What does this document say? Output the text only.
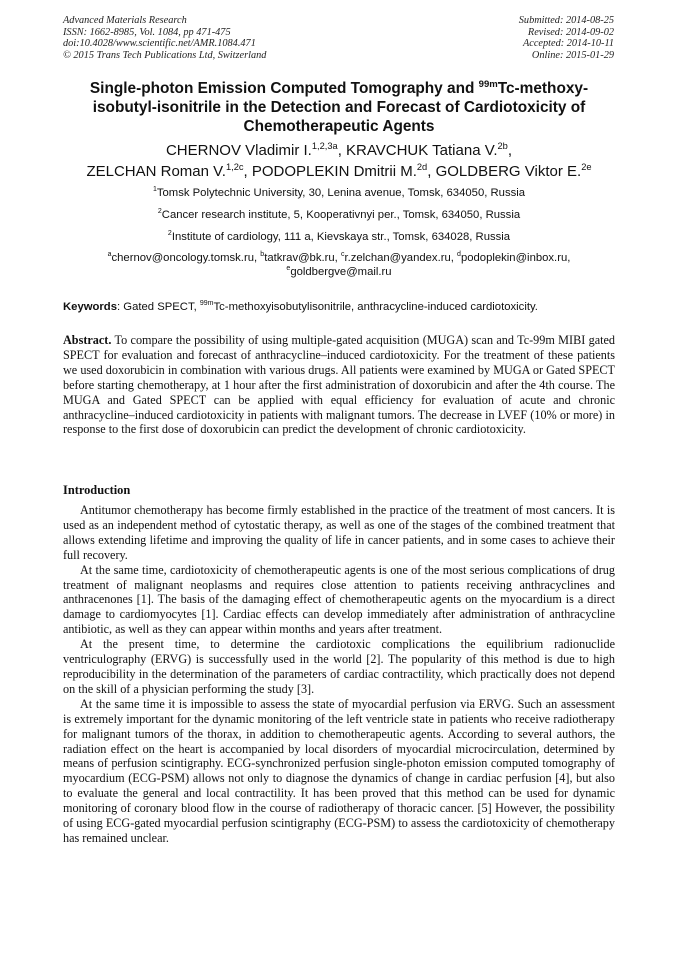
Advanced Materials Research
ISSN: 1662-8985, Vol. 1084, pp 471-475
doi:10.4028/www.scientific.net/AMR.1084.471
© 2015 Trans Tech Publications Ltd, Switzerland
Submitted: 2014-08-25
Revised: 2014-09-02
Accepted: 2014-10-11
Online: 2015-01-29
Single-photon Emission Computed Tomography and $^{99m}$Tc-methoxy-isobutyl-isonitrile in the Detection and Forecast of Cardiotoxicity of Chemotherapeutic Agents
CHERNOV Vladimir I.$^{1,2,3a}$, KRAVCHUK Tatiana V.$^{2b}$,
ZELCHAN Roman V.$^{1,2c}$, PODOPLEKIN Dmitrii M.$^{2d}$, GOLDBERG Viktor E.$^{2e}$
$^1$Tomsk Polytechnic University, 30, Lenina avenue, Tomsk, 634050, Russia
$^2$Cancer research institute, 5, Kooperativnyi per., Tomsk, 634050, Russia
$^2$Institute of cardiology, 111 a, Kievskaya str., Tomsk, 634028, Russia
$^a$chernov@oncology.tomsk.ru, $^b$tatkrav@bk.ru, $^c$r.zelchan@yandex.ru, $^d$podoplekin@inbox.ru,
$^e$goldbergve@mail.ru
Keywords: Gated SPECT, $^{99m}$Tc-methoxyisobutylisonitrile, anthracycline-induced cardiotoxicity.

Abstract. To compare the possibility of using multiple-gated acquisition (MUGA) scan and Tc-99m MIBI gated SPECT for evaluation and forecast of anthracycline–induced cardiotoxicity. For the treatment of these patients we used doxorubicin in combination with various drugs. All patients were examined by MUGA or Gated SPECT before starting chemotherapy, at 1 hour after the first administration of doxorubicin and after the 4th course. The MUGA and Gated SPECT can be applied with equal efficiency for evaluation of acute and chronic anthracycline–induced cardiotoxicity in patients with malignant tumors. The decrease in LVEF (10% or more) in response to the first dose of doxorubicin can predict the development of chronic cardiotoxicity.

Introduction

Antitumor chemotherapy has become firmly established in the practice of the treatment of most cancers. It is used as an independent method of cytostatic therapy, as well as one of the stages of the combined treatment that allows extending lifetime and improving the quality of life in cancer patients, and in some cases to achieve their full recovery.

At the same time, cardiotoxicity of chemotherapeutic agents is one of the most serious complications of drug treatment of malignant neoplasms and requires close attention to patients receiving anthracyclines and anthracenones [1]. The basis of the damaging effect of chemotherapeutic agents on the myocardium is a direct damage to cardiomyocytes [1]. Cardiac effects can develop immediately after administration of anthracycline antibiotic, as well as they can appear within months and years after treatment.

At the present time, to determine the cardiotoxic complications the equilibrium radionuclide ventriculography (ERVG) is successfully used in the world [2]. The popularity of this method is due to high reproducibility in the determination of the parameters of cardiac contractility, which practically does not depend on the skill of a physician performing the study [3].

At the same time it is impossible to assess the state of myocardial perfusion via ERVG. Such an assessment is extremely important for the dynamic monitoring of the left ventricle state in patients who receive radiotherapy for malignant tumors of the thorax, in addition to chemotherapeutic agents. According to several authors, the radiation effect on the heart is accompanied by local disorders of myocardial microcirculation, determined by means of perfusion scintigraphy. ECG-synchronized perfusion single-photon emission computed tomography of myocardium (ECG-PSM) allows not only to diagnose the dynamics of change in cardiac perfusion [4], but also to evaluate the general and local contractility. It has been proved that this method can be used for dynamic monitoring of coronary blood flow in the course of radiotherapy of thoracic cancer. [5] However, the possibility of using ECG-gated myocardial perfusion scintigraphy (ECG-PSM) to assess the cardiotoxicity of chemotherapy has remained unclear.
